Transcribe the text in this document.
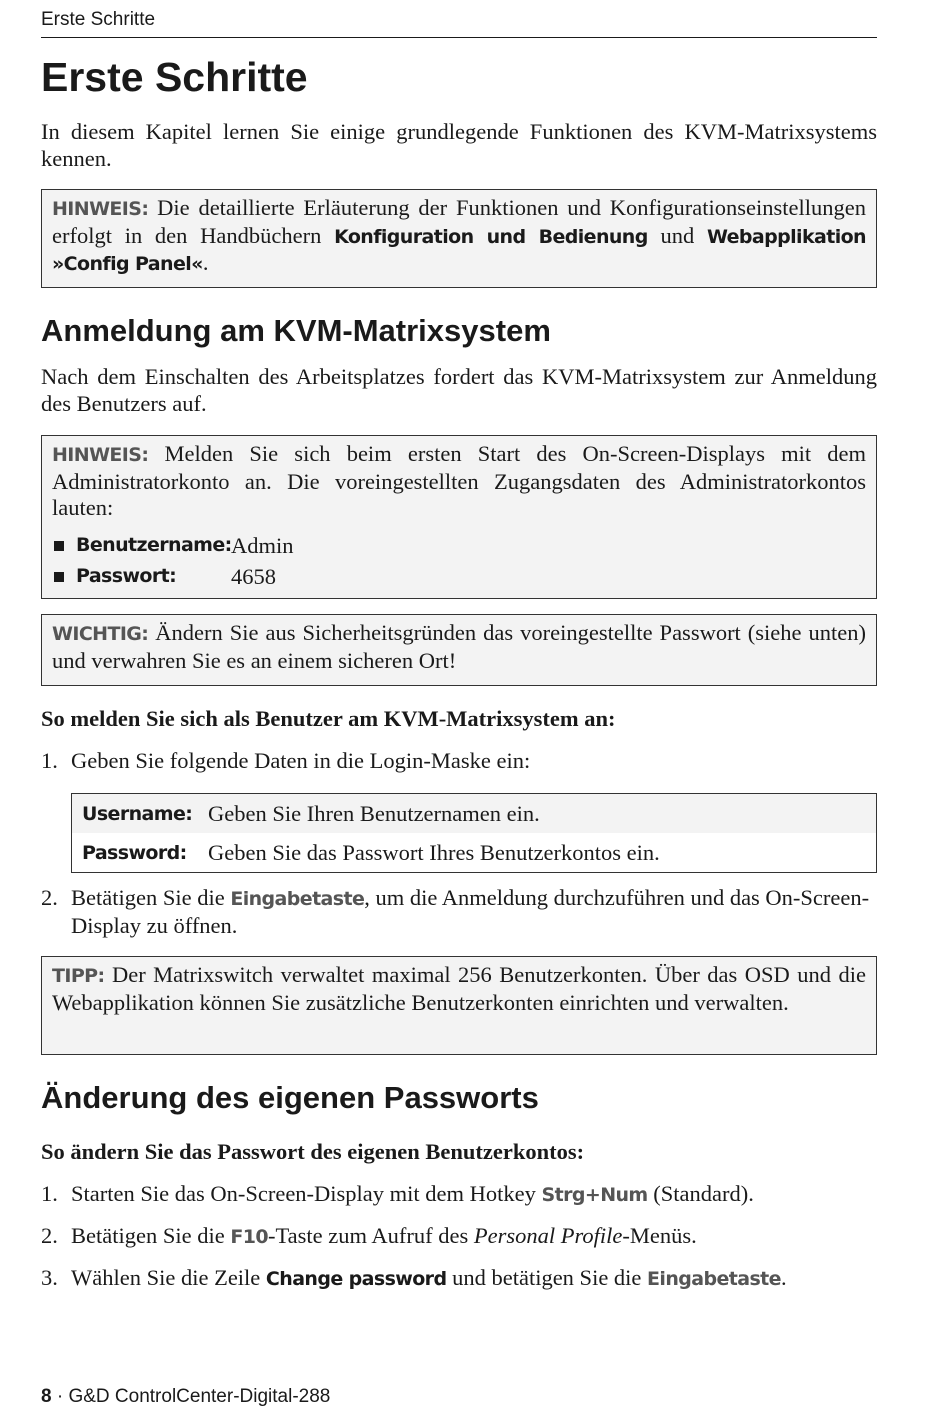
Erste Schritte
Erste Schritte
In diesem Kapitel lernen Sie einige grundlegende Funktionen des KVM-Matrixsystems kennen.
HINWEIS: Die detaillierte Erläuterung der Funktionen und Konfigurationseinstellungen erfolgt in den Handbüchern Konfiguration und Bedienung und Webapplikation »Config Panel«.
Anmeldung am KVM-Matrixsystem
Nach dem Einschalten des Arbeitsplatzes fordert das KVM-Matrixsystem zur Anmeldung des Benutzers auf.
HINWEIS: Melden Sie sich beim ersten Start des On-Screen-Displays mit dem Administratorkonto an. Die voreingestellten Zugangsdaten des Administratorkontos lauten:
Benutzername: Admin
Passwort:	4658
WICHTIG: Ändern Sie aus Sicherheitsgründen das voreingestellte Passwort (siehe unten) und verwahren Sie es an einem sicheren Ort!
So melden Sie sich als Benutzer am KVM-Matrixsystem an:
1. Geben Sie folgende Daten in die Login-Maske ein:
Username: Geben Sie Ihren Benutzernamen ein.
Password: Geben Sie das Passwort Ihres Benutzerkontos ein.
2. Betätigen Sie die Eingabetaste, um die Anmeldung durchzuführen und das On-Screen-Display zu öffnen.
TIPP: Der Matrixswitch verwaltet maximal 256 Benutzerkonten. Über das OSD und die Webapplikation können Sie zusätzliche Benutzerkonten einrichten und verwalten.
Änderung des eigenen Passworts
So ändern Sie das Passwort des eigenen Benutzerkontos:
1. Starten Sie das On-Screen-Display mit dem Hotkey Strg+Num (Standard).
2. Betätigen Sie die F10-Taste zum Aufruf des Personal Profile-Menüs.
3. Wählen Sie die Zeile Change password und betätigen Sie die Eingabetaste.
8 · G&D ControlCenter-Digital-288
